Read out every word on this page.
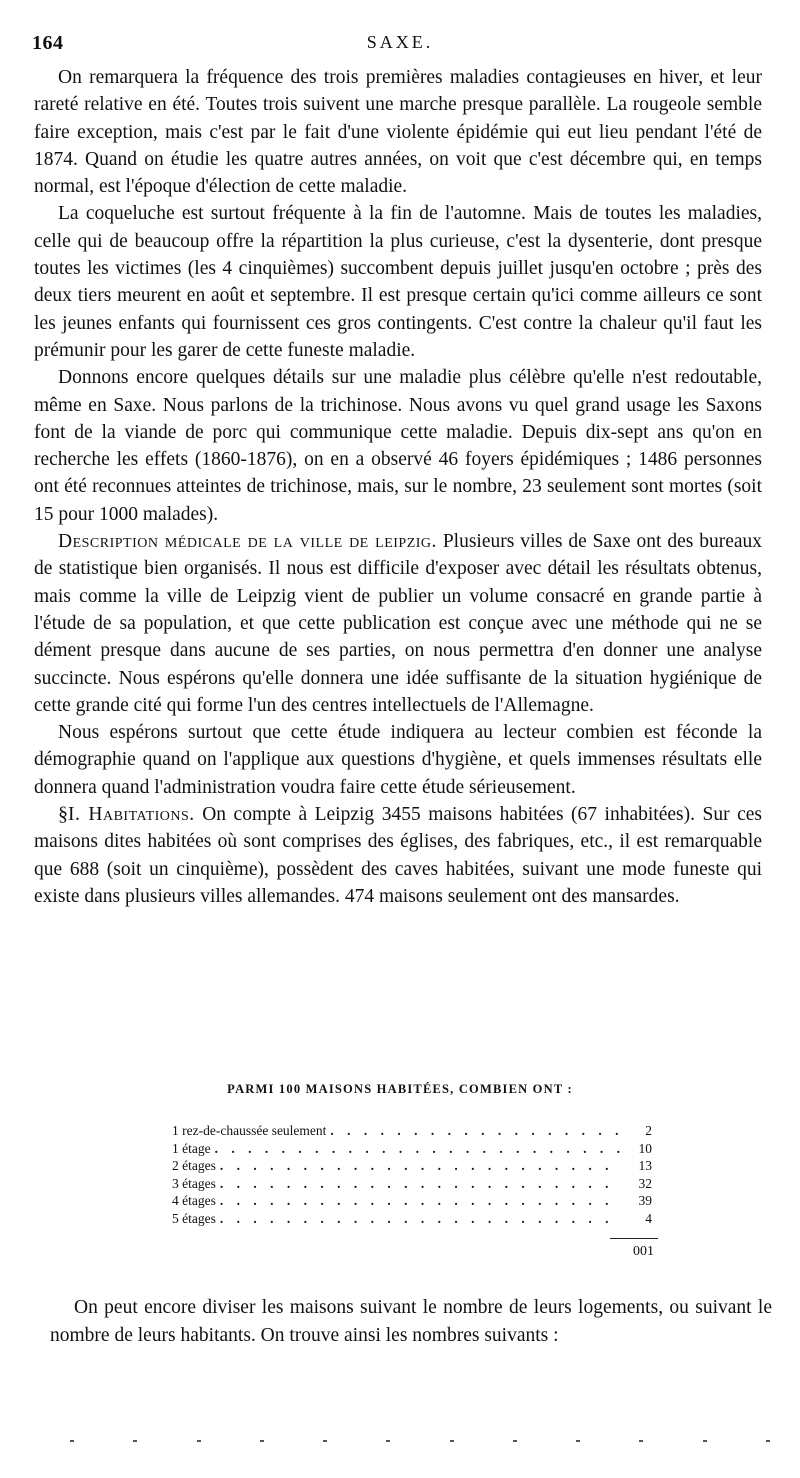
164	SAXE.

On remarquera la fréquence des trois premières maladies contagieuses en hiver, et leur rareté relative en été. Toutes trois suivent une marche presque parallèle. La rougeole semble faire exception, mais c'est par le fait d'une violente épidémie qui eut lieu pendant l'été de 1874. Quand on étudie les quatre autres années, on voit que c'est décembre qui, en temps normal, est l'époque d'élection de cette maladie.

La coqueluche est surtout fréquente à la fin de l'automne. Mais de toutes les maladies, celle qui de beaucoup offre la répartition la plus curieuse, c'est la dysenterie, dont presque toutes les victimes (les 4 cinquièmes) succombent depuis juillet jusqu'en octobre ; près des deux tiers meurent en août et septembre. Il est presque certain qu'ici comme ailleurs ce sont les jeunes enfants qui fournissent ces gros contingents. C'est contre la chaleur qu'il faut les prémunir pour les garer de cette funeste maladie.

Donnons encore quelques détails sur une maladie plus célèbre qu'elle n'est redoutable, même en Saxe. Nous parlons de la trichinose. Nous avons vu quel grand usage les Saxons font de la viande de porc qui communique cette maladie. Depuis dix-sept ans qu'on en recherche les effets (1860-1876), on en a observé 46 foyers épidémiques ; 1486 personnes ont été reconnues atteintes de trichinose, mais, sur le nombre, 23 seulement sont mortes (soit 15 pour 1000 malades).

Description médicale de la ville de leipzig. Plusieurs villes de Saxe ont des bureaux de statistique bien organisés. Il nous est difficile d'exposer avec détail les résultats obtenus, mais comme la ville de Leipzig vient de publier un volume consacré en grande partie à l'étude de sa population, et que cette publication est conçue avec une méthode qui ne se dément presque dans aucune de ses parties, on nous permettra d'en donner une analyse succincte. Nous espérons qu'elle donnera une idée suffisante de la situation hygiénique de cette grande cité qui forme l'un des centres intellectuels de l'Allemagne.

Nous espérons surtout que cette étude indiquera au lecteur combien est féconde la démographie quand on l'applique aux questions d'hygiène, et quels immenses résultats elle donnera quand l'administration voudra faire cette étude sérieusement.

§I. Habitations. On compte à Leipzig 3455 maisons habitées (67 inhabitées). Sur ces maisons dites habitées où sont comprises des églises, des fabriques, etc., il est remarquable que 688 (soit un cinquième), possèdent des caves habitées, suivant une mode funeste qui existe dans plusieurs villes allemandes. 474 maisons seulement ont des mansardes.

PARMI 100 MAISONS HABITÉES, COMBIEN ONT :
1 rez-de-chaussée seulement . . .	2
1 étage . . .	10
2 étages . . .	13
3 étages . . .	32
4 étages . . .	39
5 étages . . .	4
001

On peut encore diviser les maisons suivant le nombre de leurs logements, ou suivant le nombre de leurs habitants. On trouve ainsi les nombres suivants :
